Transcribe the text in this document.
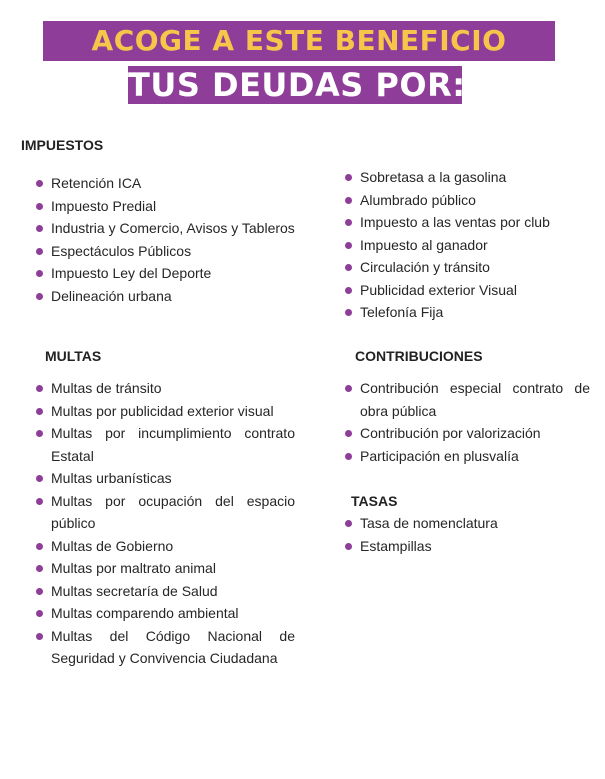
ACOGE A ESTE BENEFICIO
TUS DEUDAS POR:
IMPUESTOS
Retención ICA
Impuesto Predial
Industria y Comercio, Avisos y Tableros
Espectáculos Públicos
Impuesto Ley del Deporte
Delineación urbana
Sobretasa a la gasolina
Alumbrado público
Impuesto a las ventas por club
Impuesto al ganador
Circulación y tránsito
Publicidad exterior Visual
Telefonía Fija
MULTAS
Multas de tránsito
Multas por publicidad exterior visual
Multas por incumplimiento contrato Estatal
Multas urbanísticas
Multas por ocupación del espacio público
Multas de Gobierno
Multas por maltrato animal
Multas secretaría de Salud
Multas comparendo ambiental
Multas del Código Nacional de Seguridad y Convivencia Ciudadana
CONTRIBUCIONES
Contribución especial contrato de obra pública
Contribución por valorización
Participación en plusvalía
TASAS
Tasa de nomenclatura
Estampillas
